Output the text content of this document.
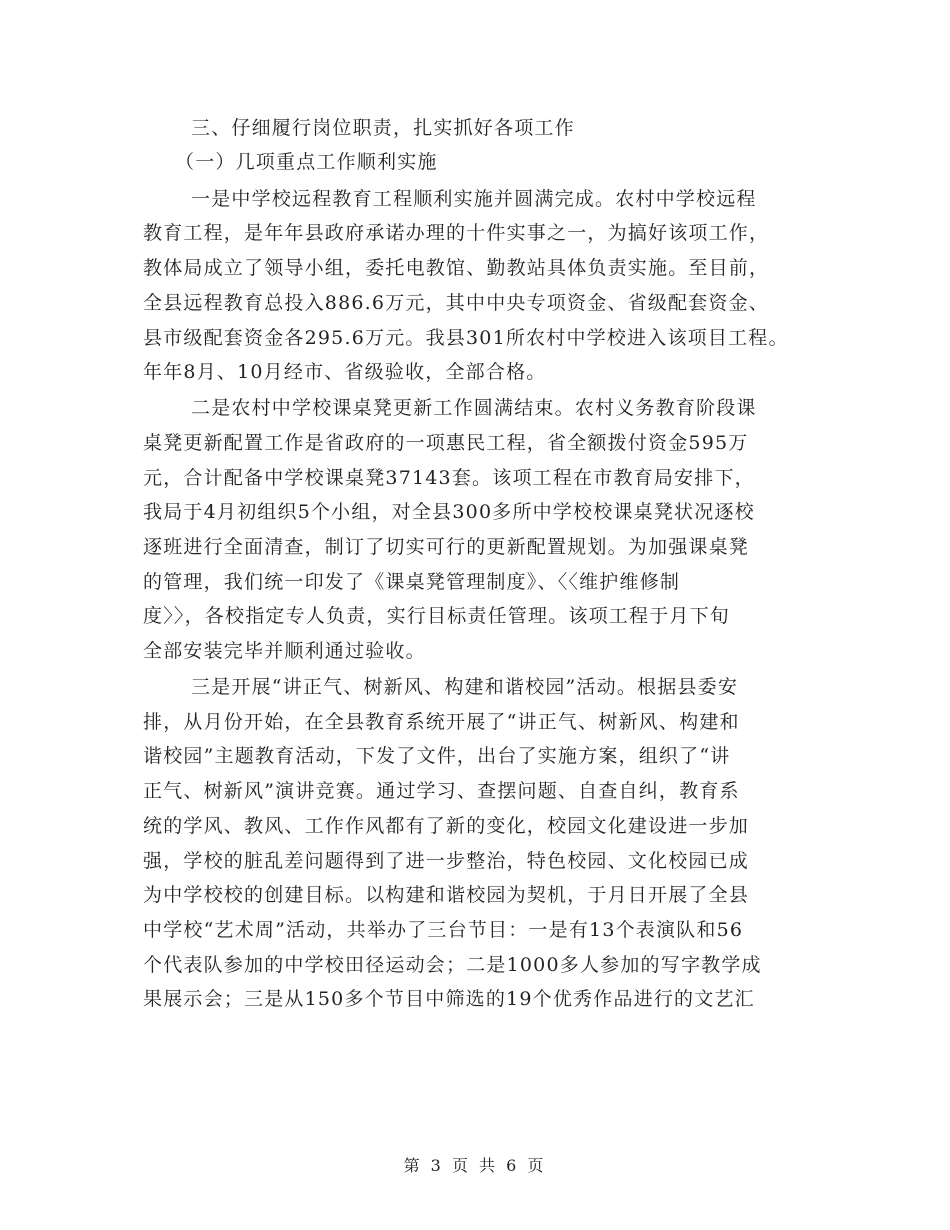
三、仔细履行岗位职责，扎实抓好各项工作
（一）几项重点工作顺利实施
一是中学校远程教育工程顺利实施并圆满完成。农村中学校远程
教育工程，是年年县政府承诺办理的十件实事之一，为搞好该项工作，
教体局成立了领导小组，委托电教馆、勤教站具体负责实施。至目前，
全县远程教育总投入886.6万元，其中中央专项资金、省级配套资金、
县市级配套资金各295.6万元。我县301所农村中学校进入该项目工程。
年年8月、10月经市、省级验收，全部合格。
二是农村中学校课桌凳更新工作圆满结束。农村义务教育阶段课
桌凳更新配置工作是省政府的一项惠民工程，省全额拨付资金595万
元，合计配备中学校课桌凳37143套。该项工程在市教育局安排下，
我局于4月初组织5个小组，对全县300多所中学校校课桌凳状况逐校
逐班进行全面清查，制订了切实可行的更新配置规划。为加强课桌凳
的管理，我们统一印发了《课桌凳管理制度》、〈〈维护维修制
度〉〉，各校指定专人负责，实行目标责任管理。该项工程于月下旬
全部安装完毕并顺利通过验收。
三是开展“讲正气、树新风、构建和谐校园”活动。根据县委安
排，从月份开始，在全县教育系统开展了“讲正气、树新风、构建和
谐校园”主题教育活动，下发了文件，出台了实施方案，组织了“讲
正气、树新风”演讲竞赛。通过学习、查摆问题、自查自纠，教育系
统的学风、教风、工作作风都有了新的变化，校园文化建设进一步加
强，学校的脏乱差问题得到了进一步整治，特色校园、文化校园已成
为中学校校的创建目标。以构建和谐校园为契机，于月日开展了全县
中学校“艺术周”活动，共举办了三台节目：一是有13个表演队和56
个代表队参加的中学校田径运动会；二是1000多人参加的写字教学成
果展示会；三是从150多个节目中筛选的19个优秀作品进行的文艺汇
第 3 页 共 6 页
